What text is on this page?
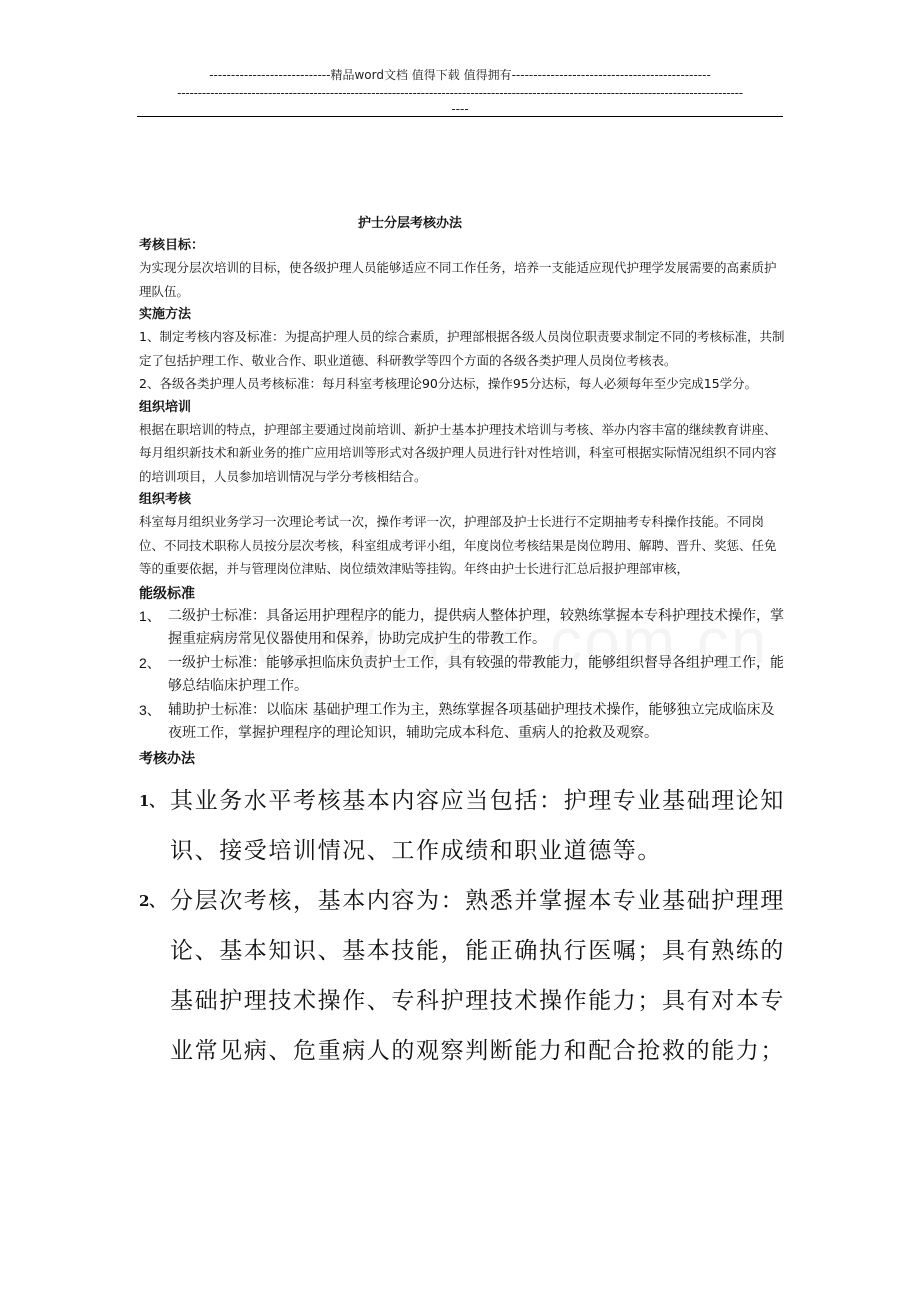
----------------------------精品word文档 值得下载 值得拥有----------------------------------------------
-----------------------------------------------------------------------------------------------------------------------------------------
----
护士分层考核办法

考核目标：

为实现分层次培训的目标，使各级护理人员能够适应不同工作任务，培养一支能适应现代护理学发展需要的高素质护理队伍。

实施方法

1、制定考核内容及标准：为提高护理人员的综合素质，护理部根据各级人员岗位职责要求制定不同的考核标准，共制定了包括护理工作、敬业合作、职业道德、科研教学等四个方面的各级各类护理人员岗位考核表。

2、各级各类护理人员考核标准：每月科室考核理论90分达标，操作95分达标，每人必须每年至少完成15学分。

组织培训

根据在职培训的特点，护理部主要通过岗前培训、新护士基本护理技术培训与考核、举办内容丰富的继续教育讲座、每月组织新技术和新业务的推广应用培训等形式对各级护理人员进行针对性培训，科室可根据实际情况组织不同内容的培训项目，人员参加培训情况与学分考核相结合。

组织考核

科室每月组织业务学习一次理论考试一次，操作考评一次，护理部及护士长进行不定期抽考专科操作技能。不同岗位、不同技术职称人员按分层次考核，科室组成考评小组，年度岗位考核结果是岗位聘用、解聘、晋升、奖惩、任免等的重要依据，并与管理岗位津贴、岗位绩效津贴等挂钩。年终由护士长进行汇总后报护理部审核，

能级标准

1、 二级护士标准：具备运用护理程序的能力，提供病人整体护理，较熟练掌握本专科护理技术操作，掌握重症病房常见仪器使用和保养，协助完成护生的带教工作。
2、 一级护士标准：能够承担临床负责护士工作，具有较强的带教能力，能够组织督导各组护理工作，能够总结临床护理工作。
3、 辅助护士标准：以临床 基础护理工作为主，熟练掌握各项基础护理技术操作，能够独立完成临床及夜班工作，掌握护理程序的理论知识，辅助完成本科危、重病人的抢救及观察。

考核办法

1、 其业务水平考核基本内容应当包括：护理专业基础理论知识、接受培训情况、工作成绩和职业道德等。
2、 分层次考核，基本内容为：熟悉并掌握本专业基础护理理论、基本知识、基本技能，能正确执行医嘱；具有熟练的基础护理技术操作、专科护理技术操作能力；具有对本专业常见病、危重病人的观察判断能力和配合抢救的能力；
